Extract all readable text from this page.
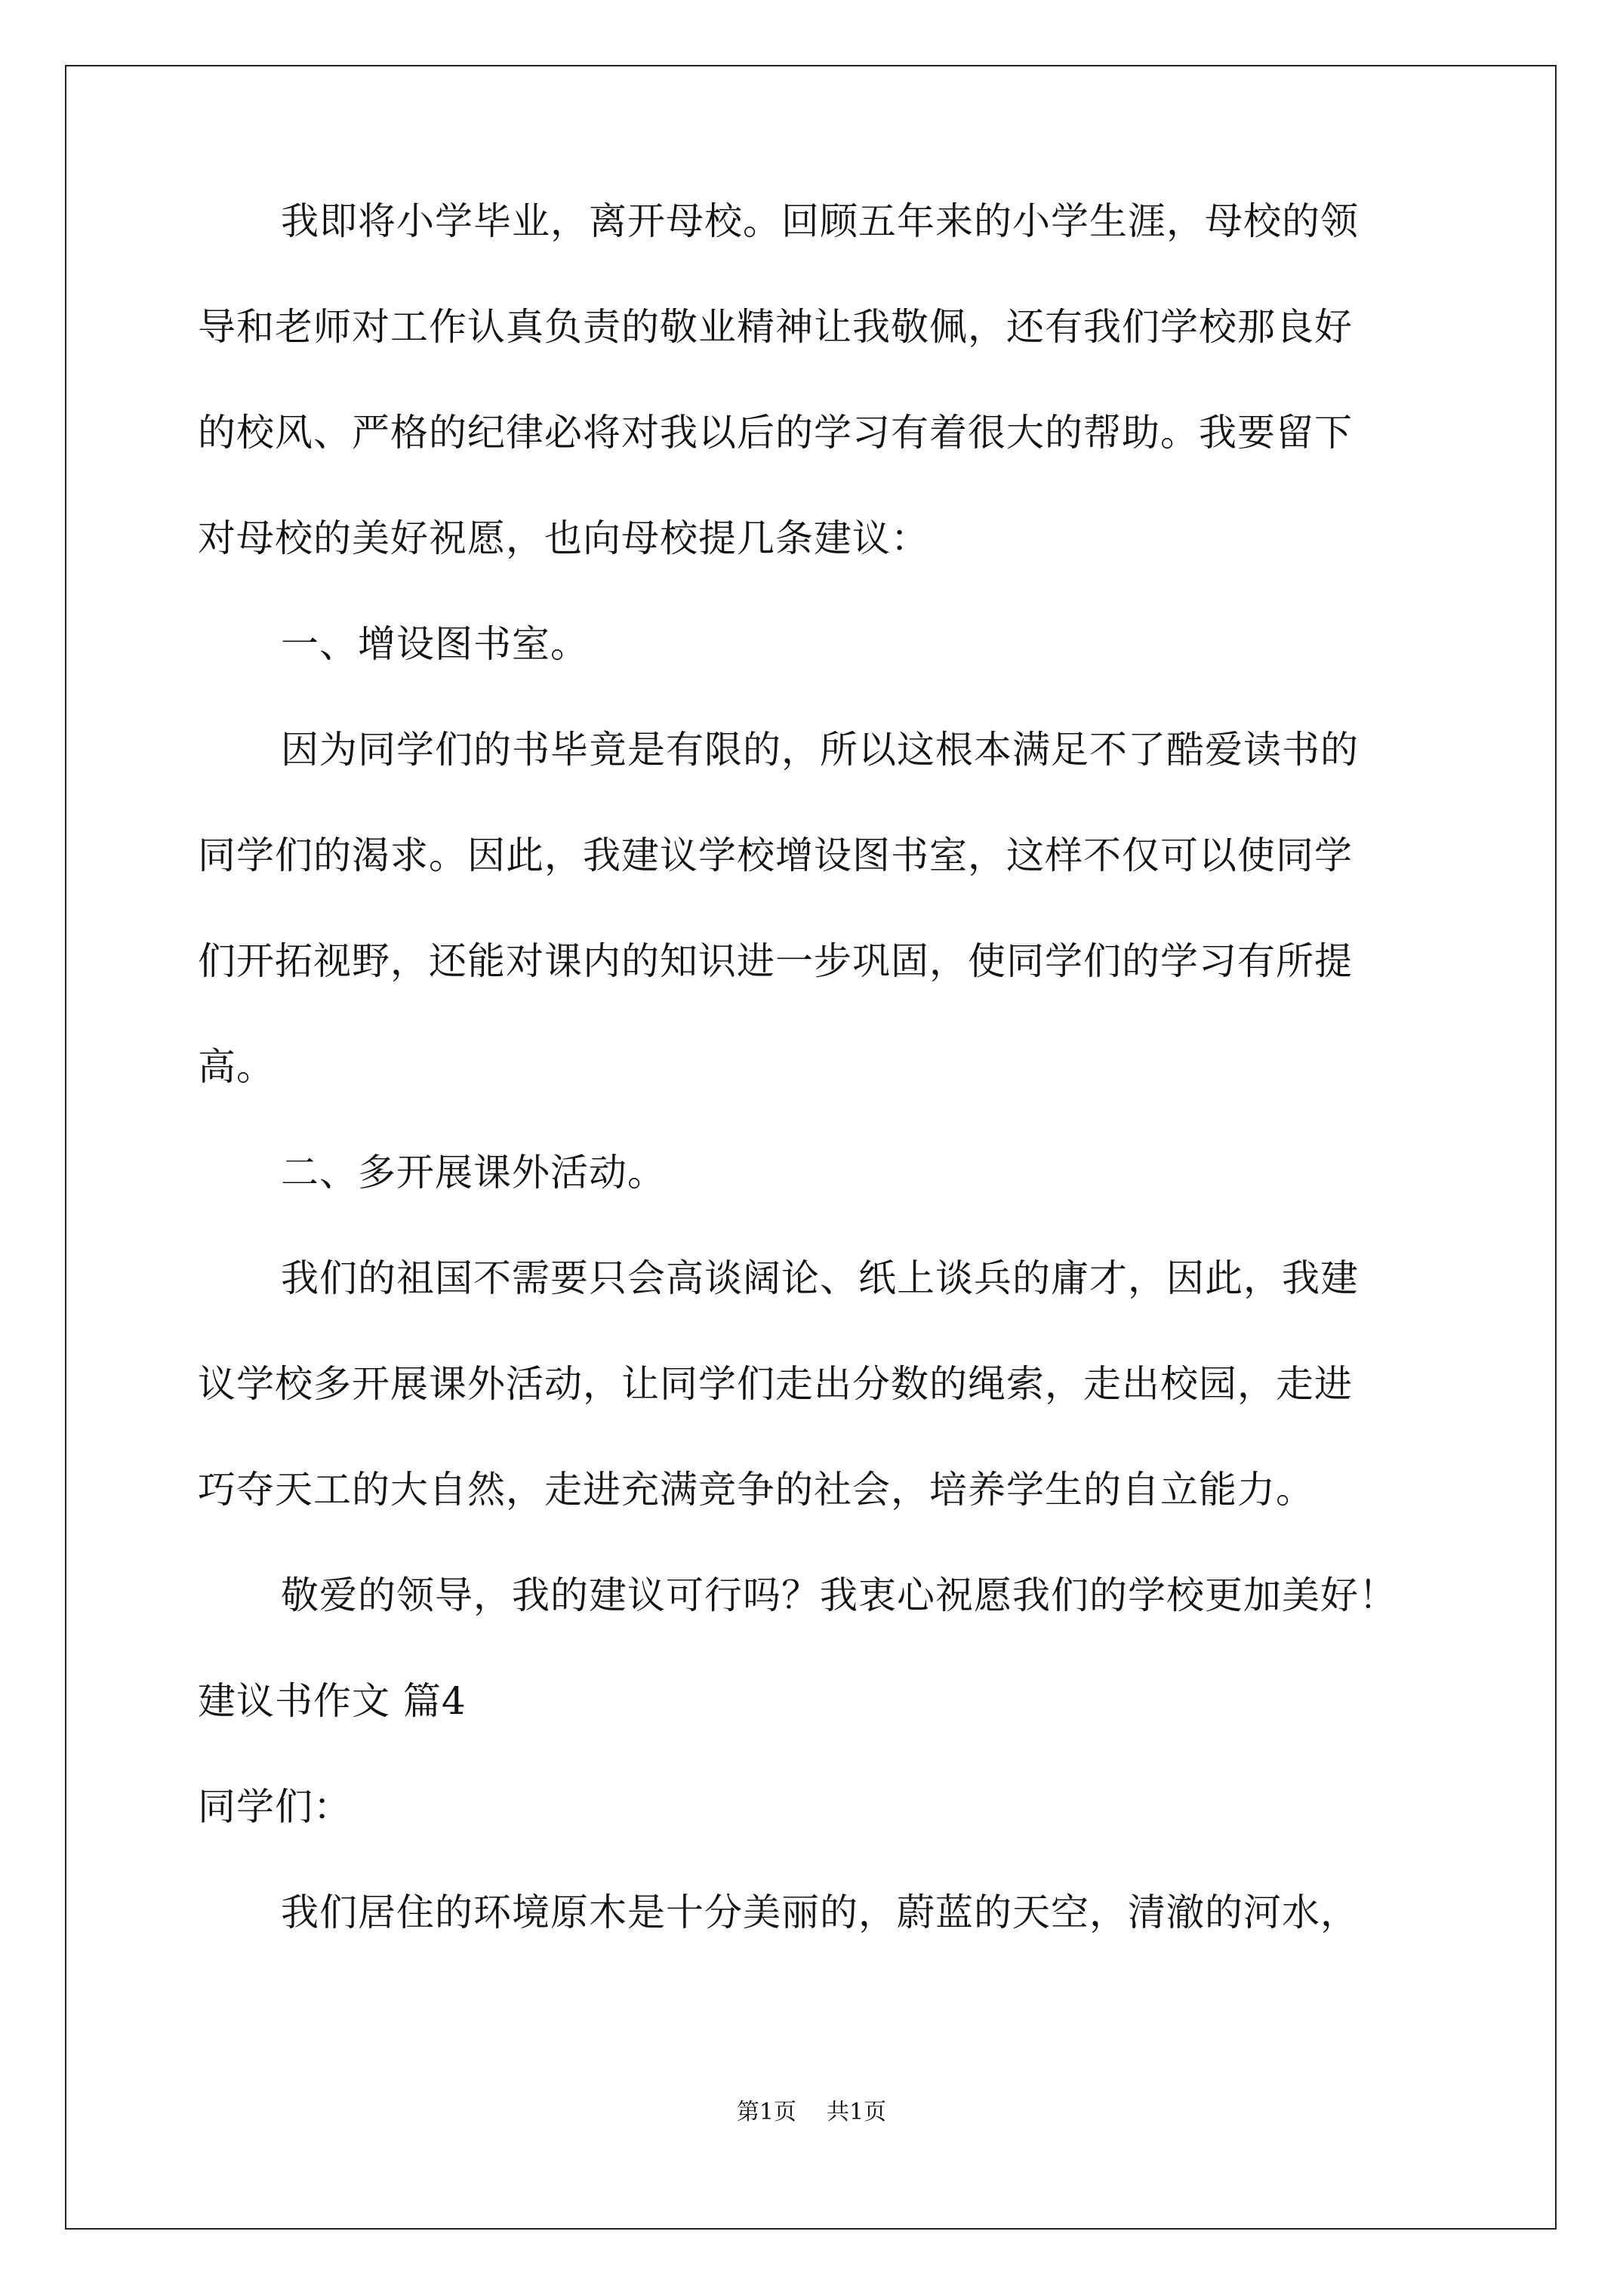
我即将小学毕业，离开母校。回顾五年来的小学生涯，母校的领
导和老师对工作认真负责的敬业精神让我敬佩，还有我们学校那良好
的校风、严格的纪律必将对我以后的学习有着很大的帮助。我要留下
对母校的美好祝愿，也向母校提几条建议：
一、增设图书室。
因为同学们的书毕竟是有限的，所以这根本满足不了酷爱读书的
同学们的渴求。因此，我建议学校增设图书室，这样不仅可以使同学
们开拓视野，还能对课内的知识进一步巩固，使同学们的学习有所提
高。
二、多开展课外活动。
我们的祖国不需要只会高谈阔论、纸上谈兵的庸才，因此，我建
议学校多开展课外活动，让同学们走出分数的绳索，走出校园，走进
巧夺天工的大自然，走进充满竞争的社会，培养学生的自立能力。
敬爱的领导，我的建议可行吗？我衷心祝愿我们的学校更加美好！
建议书作文 篇4
同学们：
我们居住的环境原木是十分美丽的，蔚蓝的天空，清澈的河水，
第1页 共1页
